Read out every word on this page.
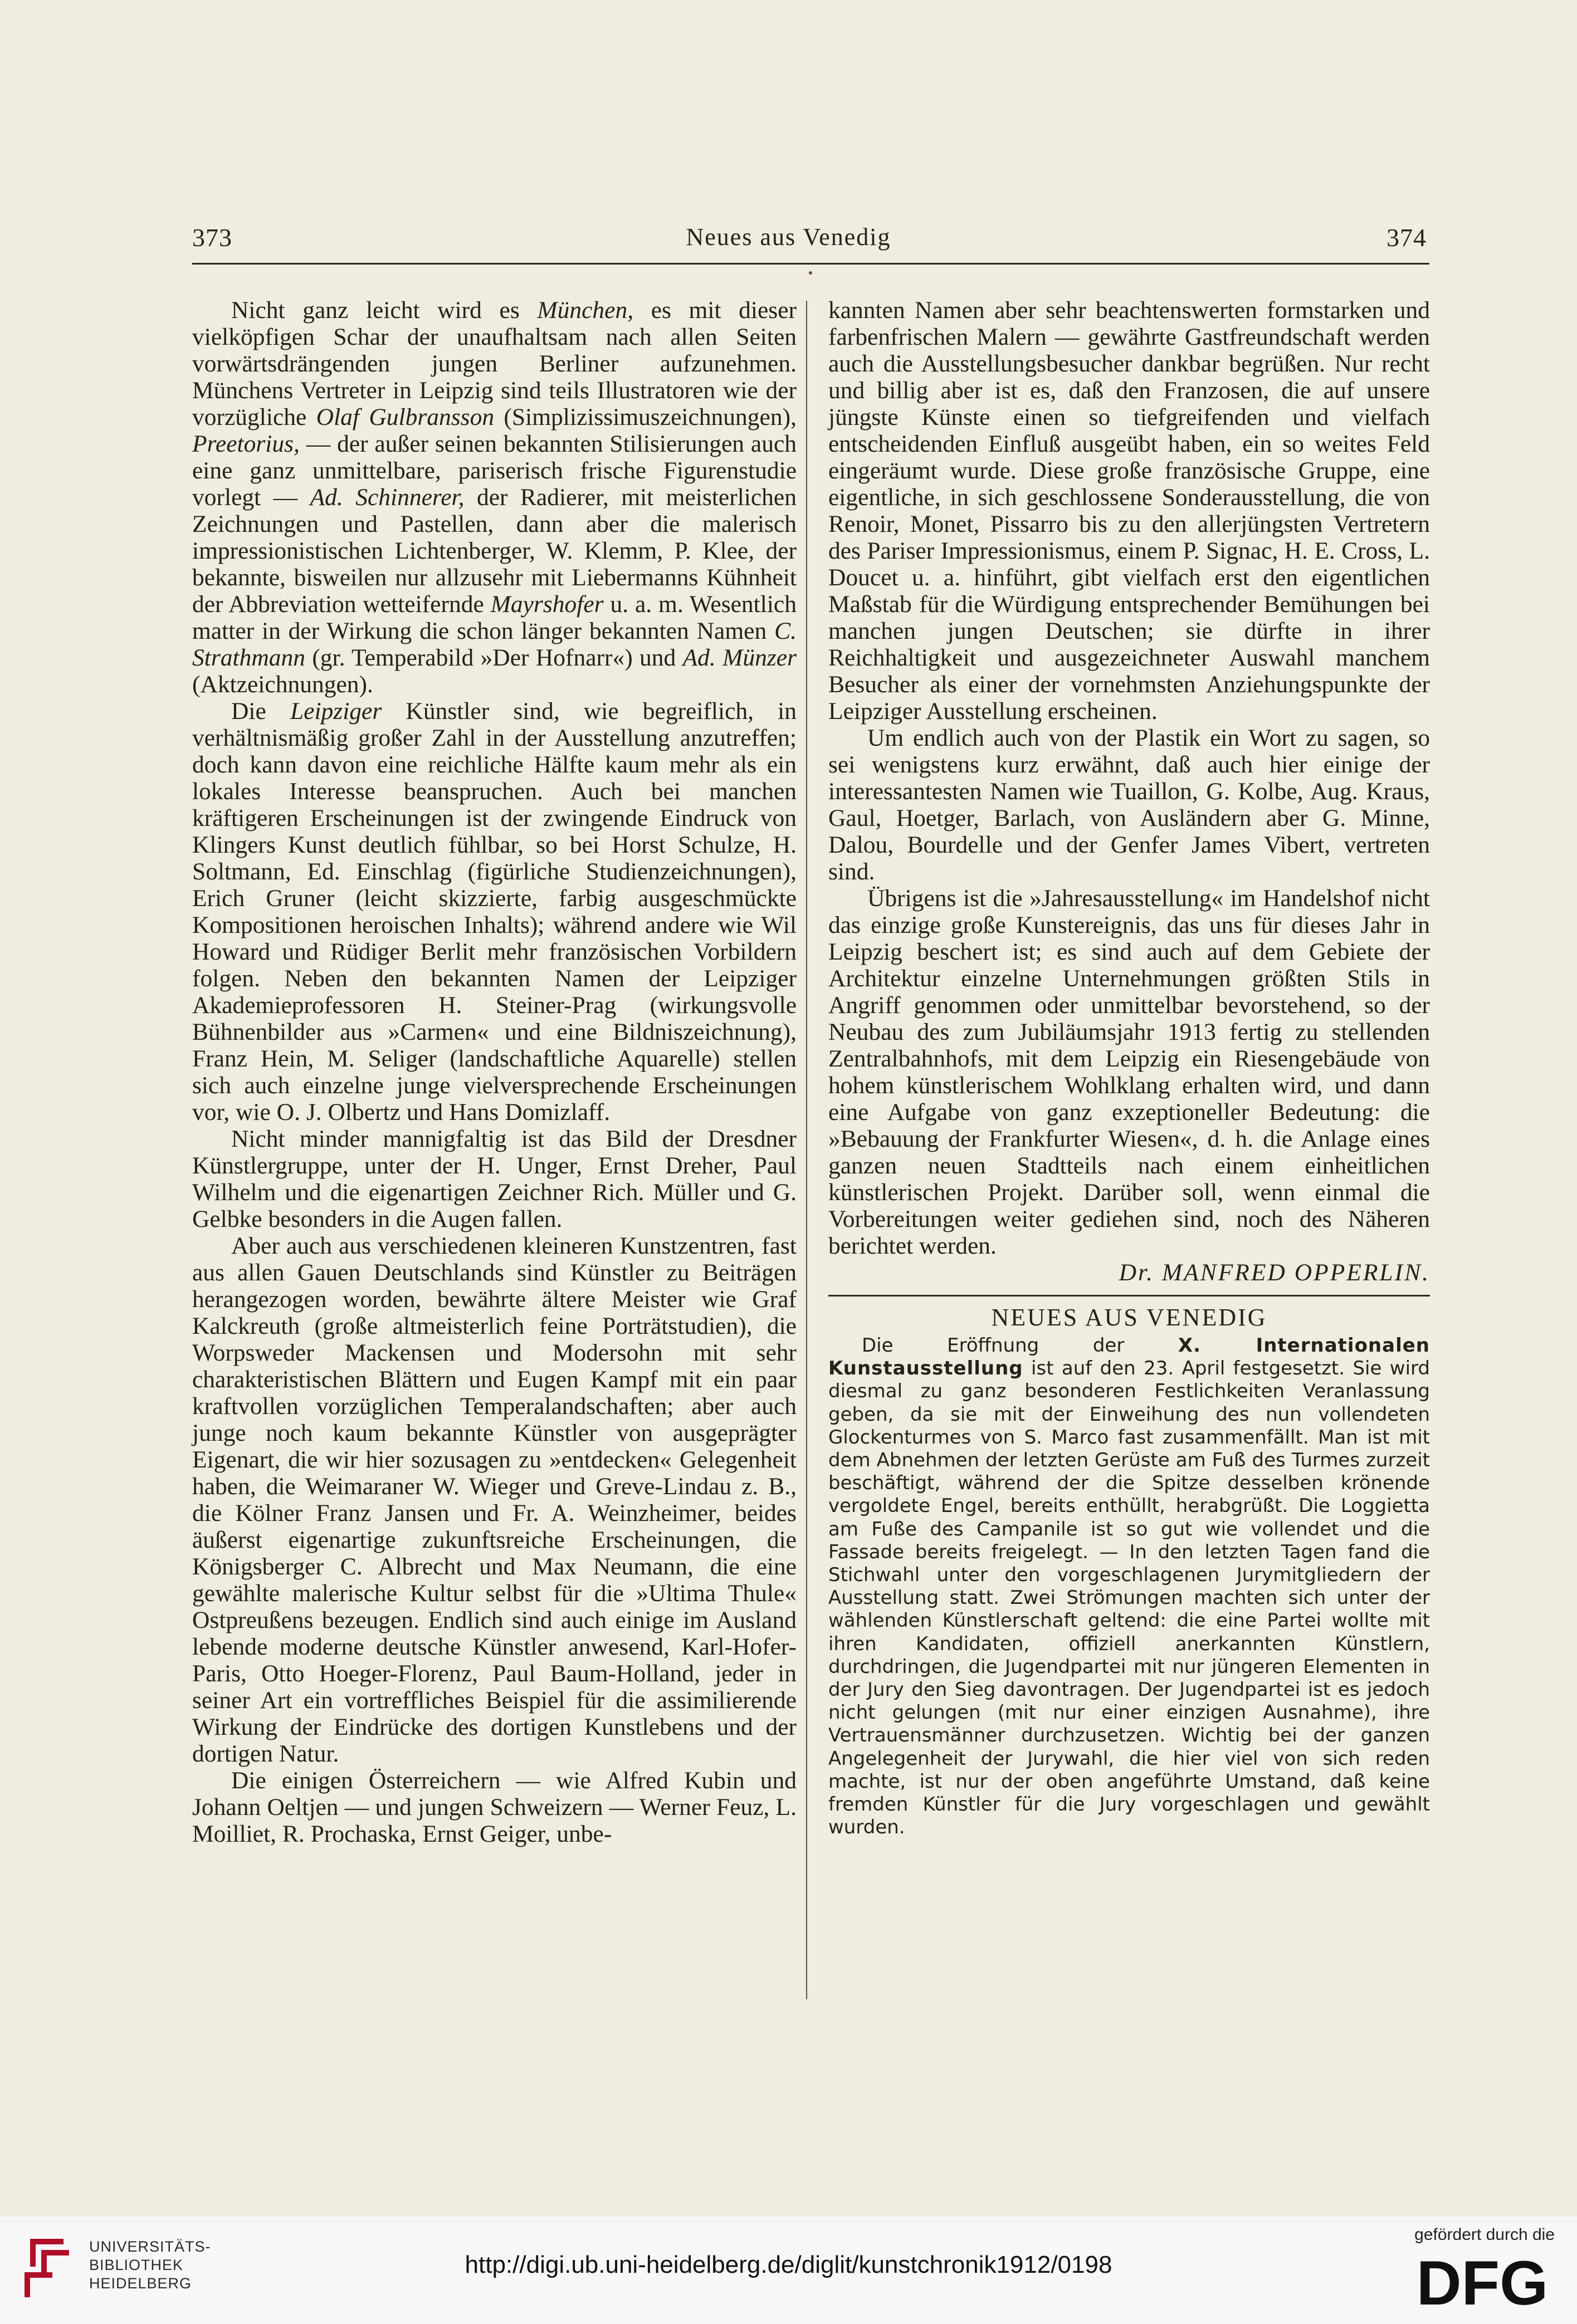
373	Neues aus Venedig	374

Nicht ganz leicht wird es München, es mit dieser vielköpfigen Schar der unaufhaltsam nach allen Seiten vorwärtsdrängenden jungen Berliner aufzunehmen. Münchens Vertreter in Leipzig sind teils Illustratoren wie der vorzügliche Olaf Gulbransson (Simplizissimuszeichnungen), Preetorius, — der außer seinen bekannten Stilisierungen auch eine ganz unmittelbare, pariserisch frische Figurenstudie vorlegt — Ad. Schinnerer, der Radierer, mit meisterlichen Zeichnungen und Pastellen, dann aber die malerisch impressionistischen Lichtenberger, W. Klemm, P. Klee, der bekannte, bisweilen nur allzusehr mit Liebermanns Kühnheit der Abbreviation wetteifernde Mayrshofer u. a. m. Wesentlich matter in der Wirkung die schon länger bekannten Namen C. Strathmann (gr. Temperabild »Der Hofnarr«) und Ad. Münzer (Aktzeichnungen).

Die Leipziger Künstler sind, wie begreiflich, in verhältnismäßig großer Zahl in der Ausstellung anzutreffen; doch kann davon eine reichliche Hälfte kaum mehr als ein lokales Interesse beanspruchen. Auch bei manchen kräftigeren Erscheinungen ist der zwingende Eindruck von Klingers Kunst deutlich fühlbar, so bei Horst Schulze, H. Soltmann, Ed. Einschlag (figürliche Studienzeichnungen), Erich Gruner (leicht skizzierte, farbig ausgeschmückte Kompositionen heroischen Inhalts); während andere wie Wil Howard und Rüdiger Berlit mehr französischen Vorbildern folgen. Neben den bekannten Namen der Leipziger Akademieprofessoren H. Steiner-Prag (wirkungsvolle Bühnenbilder aus »Carmen« und eine Bildniszeichnung), Franz Hein, M. Seliger (landschaftliche Aquarelle) stellen sich auch einzelne junge vielversprechende Erscheinungen vor, wie O. J. Olbertz und Hans Domizlaff.

Nicht minder mannigfaltig ist das Bild der Dresdner Künstlergruppe, unter der H. Unger, Ernst Dreher, Paul Wilhelm und die eigenartigen Zeichner Rich. Müller und G. Gelbke besonders in die Augen fallen.

Aber auch aus verschiedenen kleineren Kunstzentren, fast aus allen Gauen Deutschlands sind Künstler zu Beiträgen herangezogen worden, bewährte ältere Meister wie Graf Kalckreuth (große altmeisterlich feine Porträtstudien), die Worpsweder Mackensen und Modersohn mit sehr charakteristischen Blättern und Eugen Kampf mit ein paar kraftvollen vorzüglichen Temperalandschaften; aber auch junge noch kaum bekannte Künstler von ausgeprägter Eigenart, die wir hier sozusagen zu »entdecken« Gelegenheit haben, die Weimaraner W. Wieger und Greve-Lindau z. B., die Kölner Franz Jansen und Fr. A. Weinzheimer, beides äußerst eigenartige zukunftsreiche Erscheinungen, die Königsberger C. Albrecht und Max Neumann, die eine gewählte malerische Kultur selbst für die »Ultima Thule« Ostpreußens bezeugen. Endlich sind auch einige im Ausland lebende moderne deutsche Künstler anwesend, Karl-Hofer-Paris, Otto Hoeger-Florenz, Paul Baum-Holland, jeder in seiner Art ein vortreffliches Beispiel für die assimilierende Wirkung der Eindrücke des dortigen Kunstlebens und der dortigen Natur.

Die einigen Österreichern — wie Alfred Kubin und Johann Oeltjen — und jungen Schweizern — Werner Feuz, L. Moilliet, R. Prochaska, Ernst Geiger, unbe-

kannten Namen aber sehr beachtenswerten formstarken und farbenfrischen Malern — gewährte Gastfreundschaft werden auch die Ausstellungsbesucher dankbar begrüßen. Nur recht und billig aber ist es, daß den Franzosen, die auf unsere jüngste Künste einen so tiefgreifenden und vielfach entscheidenden Einfluß ausgeübt haben, ein so weites Feld eingeräumt wurde. Diese große französische Gruppe, eine eigentliche, in sich geschlossene Sonderausstellung, die von Renoir, Monet, Pissarro bis zu den allerjüngsten Vertretern des Pariser Impressionismus, einem P. Signac, H. E. Cross, L. Doucet u. a. hinführt, gibt vielfach erst den eigentlichen Maßstab für die Würdigung entsprechender Bemühungen bei manchen jungen Deutschen; sie dürfte in ihrer Reichhaltigkeit und ausgezeichneter Auswahl manchem Besucher als einer der vornehmsten Anziehungspunkte der Leipziger Ausstellung erscheinen.

Um endlich auch von der Plastik ein Wort zu sagen, so sei wenigstens kurz erwähnt, daß auch hier einige der interessantesten Namen wie Tuaillon, G. Kolbe, Aug. Kraus, Gaul, Hoetger, Barlach, von Ausländern aber G. Minne, Dalou, Bourdelle und der Genfer James Vibert, vertreten sind.

Übrigens ist die »Jahresausstellung« im Handelshof nicht das einzige große Kunstereignis, das uns für dieses Jahr in Leipzig beschert ist; es sind auch auf dem Gebiete der Architektur einzelne Unternehmungen größten Stils in Angriff genommen oder unmittelbar bevorstehend, so der Neubau des zum Jubiläumsjahr 1913 fertig zu stellenden Zentralbahnhofs, mit dem Leipzig ein Riesengebäude von hohem künstlerischem Wohlklang erhalten wird, und dann eine Aufgabe von ganz exzeptioneller Bedeutung: die »Bebauung der Frankfurter Wiesen«, d. h. die Anlage eines ganzen neuen Stadtteils nach einem einheitlichen künstlerischen Projekt. Darüber soll, wenn einmal die Vorbereitungen weiter gediehen sind, noch des Näheren berichtet werden.

Dr. MANFRED OPPERLIN.

NEUES AUS VENEDIG

Die Eröffnung der X. Internationalen Kunstausstellung ist auf den 23. April festgesetzt. Sie wird diesmal zu ganz besonderen Festlichkeiten Veranlassung geben, da sie mit der Einweihung des nun vollendeten Glockenturmes von S. Marco fast zusammenfällt. Man ist mit dem Abnehmen der letzten Gerüste am Fuß des Turmes zurzeit beschäftigt, während der die Spitze desselben krönende vergoldete Engel, bereits enthüllt, herabgrüßt. Die Loggietta am Fuße des Campanile ist so gut wie vollendet und die Fassade bereits freigelegt. — In den letzten Tagen fand die Stichwahl unter den vorgeschlagenen Jurymitgliedern der Ausstellung statt. Zwei Strömungen machten sich unter der wählenden Künstlerschaft geltend: die eine Partei wollte mit ihren Kandidaten, offiziell anerkannten Künstlern, durchdringen, die Jugendpartei mit nur jüngeren Elementen in der Jury den Sieg davontragen. Der Jugendpartei ist es jedoch nicht gelungen (mit nur einer einzigen Ausnahme), ihre Vertrauensmänner durchzusetzen. Wichtig bei der ganzen Angelegenheit der Jurywahl, die hier viel von sich reden machte, ist nur der oben angeführte Umstand, daß keine fremden Künstler für die Jury vorgeschlagen und gewählt wurden.

UNIVERSITÄTS-
BIBLIOTHEK
HEIDELBERG
http://digi.ub.uni-heidelberg.de/diglit/kunstchronik1912/0198
gefördert durch die
DFG
